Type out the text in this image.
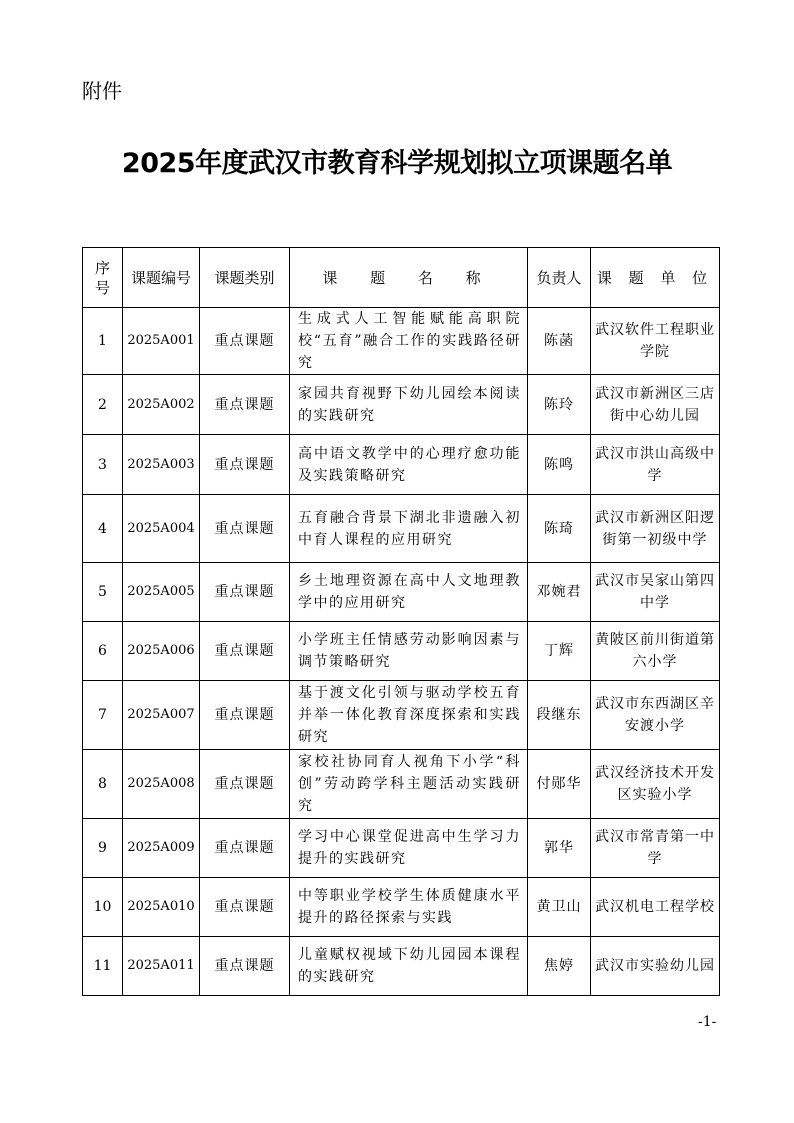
附件
2025年度武汉市教育科学规划拟立项课题名单
序号	课题编号	课题类别	课 题 名 称	负责人	课 题 单 位
1	2025A001	重点课题	生成式人工智能赋能高职院校“五育”融合工作的实践路径研究	陈菡	武汉软件工程职业学院
2	2025A002	重点课题	家园共育视野下幼儿园绘本阅读的实践研究	陈玲	武汉市新洲区三店街中心幼儿园
3	2025A003	重点课题	高中语文教学中的心理疗愈功能及实践策略研究	陈鸣	武汉市洪山高级中学
4	2025A004	重点课题	五育融合背景下湖北非遗融入初中育人课程的应用研究	陈琦	武汉市新洲区阳逻街第一初级中学
5	2025A005	重点课题	乡土地理资源在高中人文地理教学中的应用研究	邓婉君	武汉市吴家山第四中学
6	2025A006	重点课题	小学班主任情感劳动影响因素与调节策略研究	丁辉	黄陂区前川街道第六小学
7	2025A007	重点课题	基于渡文化引领与驱动学校五育并举一体化教育深度探索和实践研究	段继东	武汉市东西湖区辛安渡小学
8	2025A008	重点课题	家校社协同育人视角下小学“科创”劳动跨学科主题活动实践研究	付郧华	武汉经济技术开发区实验小学
9	2025A009	重点课题	学习中心课堂促进高中生学习力提升的实践研究	郭华	武汉市常青第一中学
10	2025A010	重点课题	中等职业学校学生体质健康水平提升的路径探索与实践	黄卫山	武汉机电工程学校
11	2025A011	重点课题	儿童赋权视域下幼儿园园本课程的实践研究	焦婷	武汉市实验幼儿园
-1-
